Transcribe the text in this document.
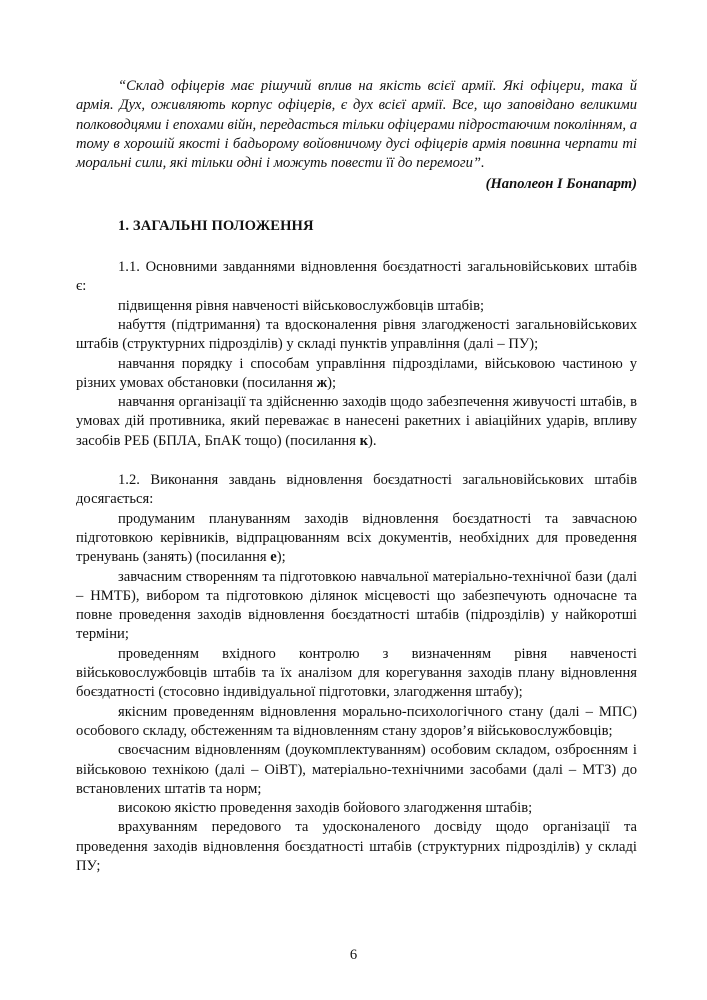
“Склад офіцерів має рішучий вплив на якість всієї армії. Які офіцери, така й армія. Дух, оживляють корпус офіцерів, є дух всієї армії. Все, що заповідано великими полководцями і епохами війн, передасться тільки офіцерами підростаючим поколінням, а тому в хорошій якості і бадьорому войовничому дусі офіцерів армія повинна черпати ті моральні сили, які тільки одні і можуть повести її до перемоги”.

(Наполеон І Бонапарт)

1. ЗАГАЛЬНІ ПОЛОЖЕННЯ

1.1. Основними завданнями відновлення боєздатності загальновійськових штабів є:

підвищення рівня навченості військовослужбовців штабів;

набуття (підтримання) та вдосконалення рівня злагодженості загальновійськових штабів (структурних підрозділів) у складі пунктів управління (далі – ПУ);

навчання порядку і способам управління підрозділами, військовою частиною у різних умовах обстановки (посилання ж);

навчання організації та здійсненню заходів щодо забезпечення живучості штабів, в умовах дій противника, який переважає в нанесені ракетних і авіаційних ударів, впливу засобів РЕБ (БПЛА, БпАК тощо) (посилання к).

1.2. Виконання завдань відновлення боєздатності загальновійськових штабів досягається:

продуманим плануванням заходів відновлення боєздатності та завчасною підготовкою керівників, відпрацюванням всіх документів, необхідних для проведення тренувань (занять) (посилання е);

завчасним створенням та підготовкою навчальної матеріально-технічної бази (далі – НМТБ), вибором та підготовкою ділянок місцевості що забезпечують одночасне та повне проведення заходів відновлення боєздатності штабів (підрозділів) у найкоротші терміни;

проведенням вхідного контролю з визначенням рівня навченості військовослужбовців штабів та їх аналізом для корегування заходів плану відновлення боєздатності (стосовно індивідуальної підготовки, злагодження штабу);

якісним проведенням відновлення морально-психологічного стану (далі – МПС) особового складу, обстеженням та відновленням стану здоров’я військовослужбовців;

своєчасним відновленням (доукомплектуванням) особовим складом, озброєнням і військовою технікою (далі – ОіВТ), матеріально-технічними засобами (далі – МТЗ) до встановлених штатів та норм;

високою якістю проведення заходів бойового злагодження штабів;

врахуванням передового та удосконаленого досвіду щодо організації та проведення заходів відновлення боєздатності штабів (структурних підрозділів) у складі ПУ;

6
